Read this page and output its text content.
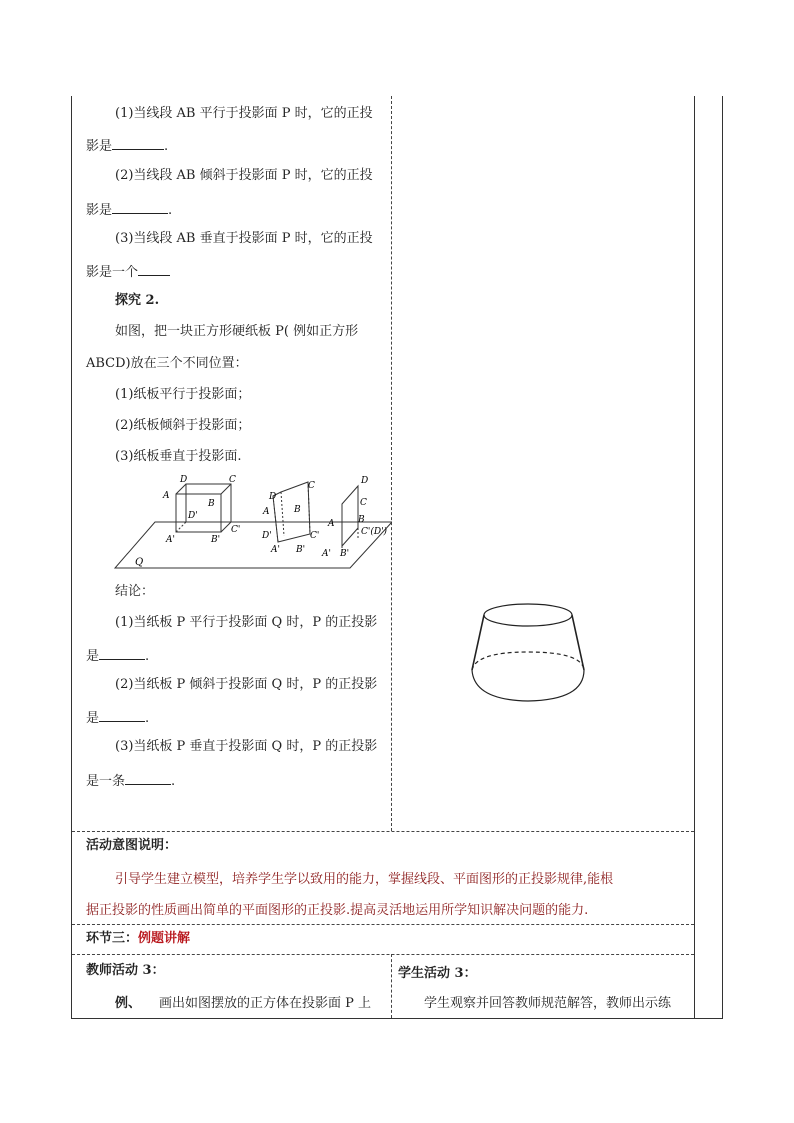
(1)当线段 AB 平行于投影面 P 时，它的正投
影是	.
(2)当线段 AB 倾斜于投影面 P 时，它的正投
影是	.
(3)当线段 AB 垂直于投影面 P 时，它的正投
影是一个
探究 2.
如图，把一块正方形硬纸板 P( 例如正方形
ABCD)放在三个不同位置：
(1)纸板平行于投影面；
(2)纸板倾斜于投影面；
(3)纸板垂直于投影面.
Q
D	C
A
B
D'
C'
A'	B'
D
C
A	B
D'	C'
A' B'
D
C
A	B
C'(D')
A' B'
结论：
(1)当纸板 P 平行于投影面 Q 时，P 的正投影
是	.
(2)当纸板 P 倾斜于投影面 Q 时，P 的正投影
是	.
(3)当纸板 P 垂直于投影面 Q 时，P 的正投影
是一条	.
活动意图说明：
引导学生建立模型，培养学生学以致用的能力，掌握线段、平面图形的正投影规律,能根
据正投影的性质画出简单的平面图形的正投影.提高灵活地运用所学知识解决问题的能力.
环节三：例题讲解
教师活动 3：
例、 画出如图摆放的正方体在投影面 P 上
学生活动 3：
学生观察并回答教师规范解答，教师出示练
